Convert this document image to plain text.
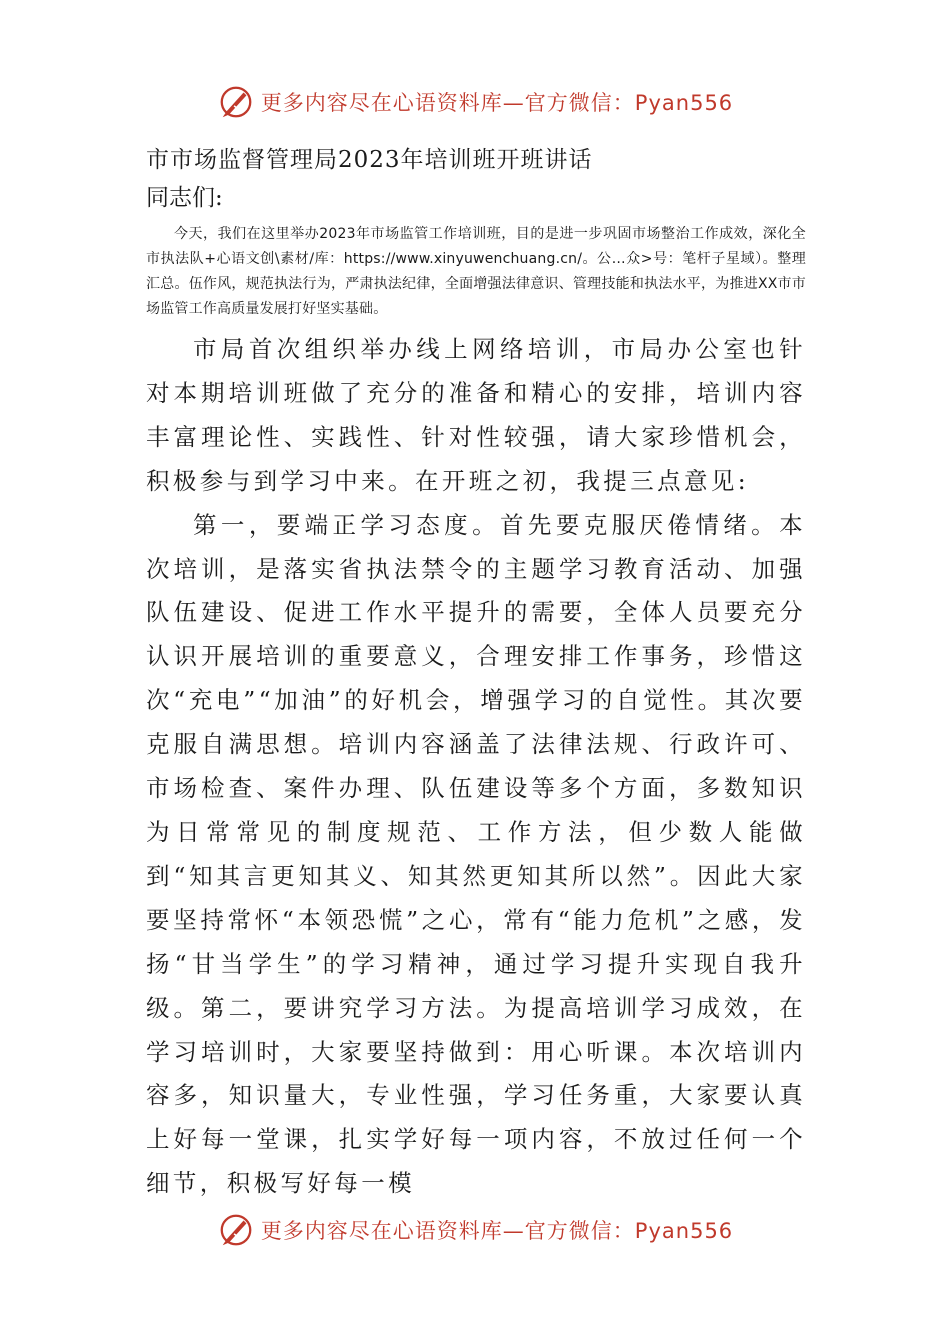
更多内容尽在心语资料库—官方微信：Pyan556
市市场监督管理局2023年培训班开班讲话

同志们:

今天，我们在这里举办2023年市场监管工作培训班，目的是进一步巩固市场整治工作成效，深化全市执法队+心语文创\素材/库：https://www.xinyuwenchuang.cn/。公…众>号：笔杆子星域）。整理汇总。伍作风，规范执法行为，严肃执法纪律，全面增强法律意识、管理技能和执法水平，为推进XX市市场监管工作高质量发展打好坚实基础。

市局首次组织举办线上网络培训，市局办公室也针对本期培训班做了充分的准备和精心的安排，培训内容丰富理论性、实践性、针对性较强，请大家珍惜机会，积极参与到学习中来。在开班之初，我提三点意见:

第一，要端正学习态度。首先要克服厌倦情绪。本次培训，是落实省执法禁令的主题学习教育活动、加强队伍建设、促进工作水平提升的需要，全体人员要充分认识开展培训的重要意义，合理安排工作事务，珍惜这次“充电”“加油”的好机会，增强学习的自觉性。其次要克服自满思想。培训内容涵盖了法律法规、行政许可、市场检查、案件办理、队伍建设等多个方面，多数知识为日常常见的制度规范、工作方法，但少数人能做到“知其言更知其义、知其然更知其所以然”。因此大家要坚持常怀“本领恐慌”之心，常有“能力危机”之感，发扬“甘当学生”的学习精神，通过学习提升实现自我升级。第二，要讲究学习方法。为提高培训学习成效，在学习培训时，大家要坚持做到：用心听课。本次培训内容多，知识量大，专业性强，学习任务重，大家要认真上好每一堂课，扎实学好每一项内容，不放过任何一个细节，积极写好每一模

更多内容尽在心语资料库—官方微信：Pyan556
